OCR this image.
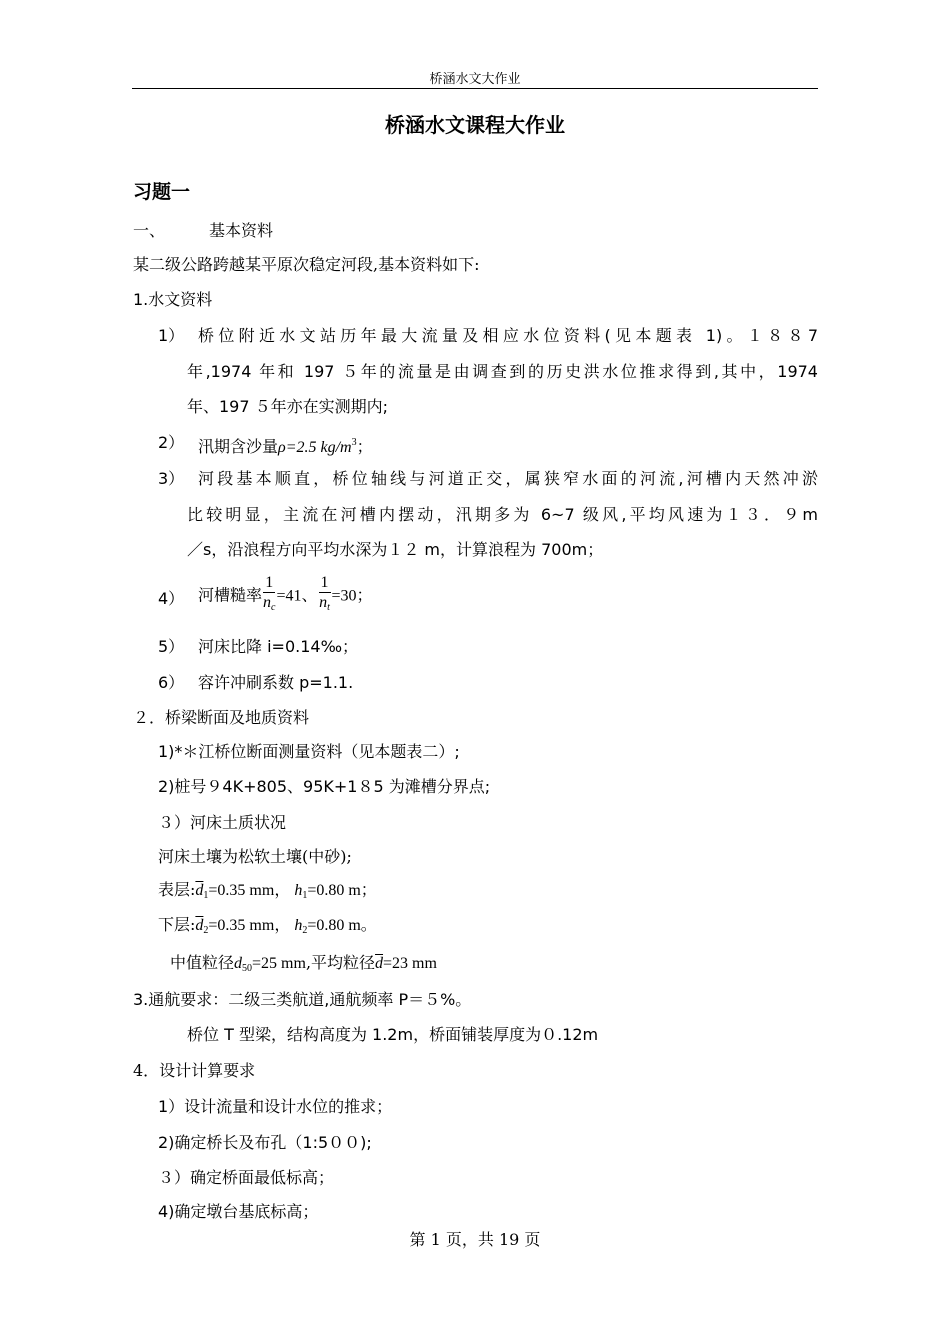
桥涵水文大作业
桥涵水文课程大作业
习题一
一、	基本资料
某二级公路跨越某平原次稳定河段,基本资料如下:
1.水文资料
1） 桥位附近水文站历年最大流量及相应水位资料(见本题表 1)。１８８7
年,1974 年和 197 ５年的流量是由调查到的历史洪水位推求得到,其中，1974
年、197 ５年亦在实测期内;
2） 汛期含沙量ρ=2.5 $kg/m^3$；
3） 河段基本顺直，桥位轴线与河道正交，属狭窄水面的河流,河槽内天然冲淤
比较明显，主流在河槽内摆动，汛期多为 6~7 级风,平均风速为１３．９m
／s，沿浪程方向平均水深为１２ m，计算浪程为 700m；
4） 河槽糙率 $\frac{1}{n_c} =41$、 $\frac{1}{n_t} =30$；
5） 河床比降 i=0.14‰；
6） 容许冲刷系数 p=1.1.
２．桥梁断面及地质资料
1)*＊江桥位断面测量资料（见本题表二）;
2)桩号９4K+805、95K+1８5 为滩槽分界点;
３）河床土质状况
河床土壤为松软土壤(中砂);
表层$:\overline{d}_1=0.35$ mm， $h_1=0.80$ m；
下层$:\overline{d}_2=0.35$ mm， $h_2=0.80$ m。
中值粒径$d_{50}=25$ mm,平均粒径$\overline{d}=23$ mm
3.通航要求：二级三类航道,通航频率 P＝５%。
桥位 T 型梁，结构高度为 1.2m，桥面铺装厚度为０.12m
4．设计计算要求
1）设计流量和设计水位的推求；
2)确定桥长及布孔（1:5００);
３）确定桥面最低标高；
4)确定墩台基底标高；
第 1 页，共 19 页
